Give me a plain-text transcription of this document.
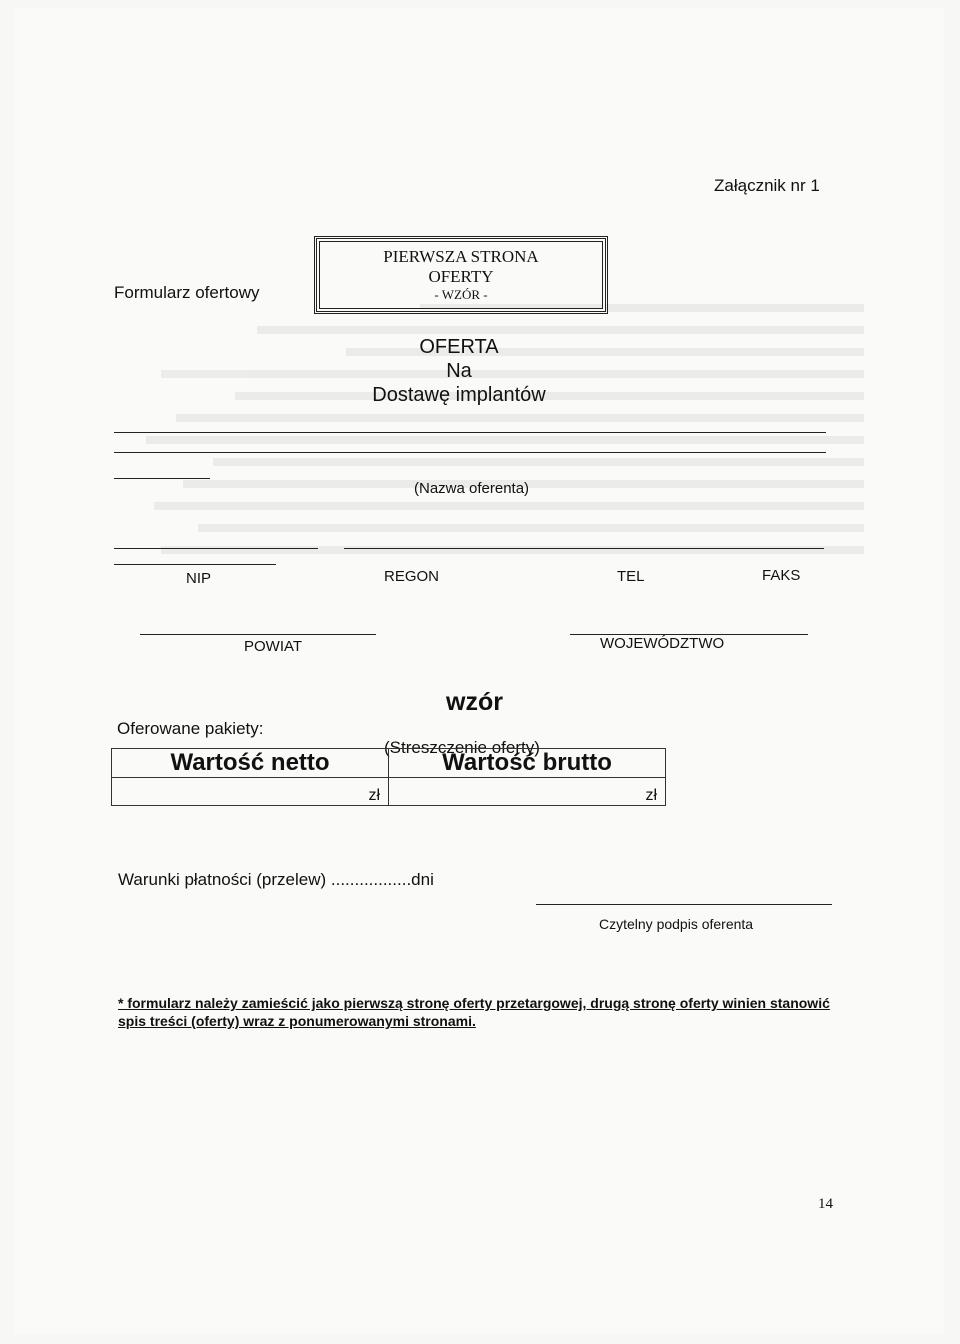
Załącznik nr 1
Formularz ofertowy
PIERWSZA STRONA
OFERTY
- WZÓR -
OFERTA
Na
Dostawę implantów
(Nazwa oferenta)
NIP	REGON	TEL	FAKS
POWIAT	WOJEWÓDZTWO
wzór
Oferowane pakiety:
(Streszczenie oferty)
Wartość netto	Wartość brutto
zł	zł
Warunki płatności (przelew) .................dni
Czytelny podpis oferenta
* formularz należy zamieścić jako pierwszą stronę oferty przetargowej, drugą stronę oferty winien stanowić spis treści (oferty) wraz z ponumerowanymi stronami.
14
